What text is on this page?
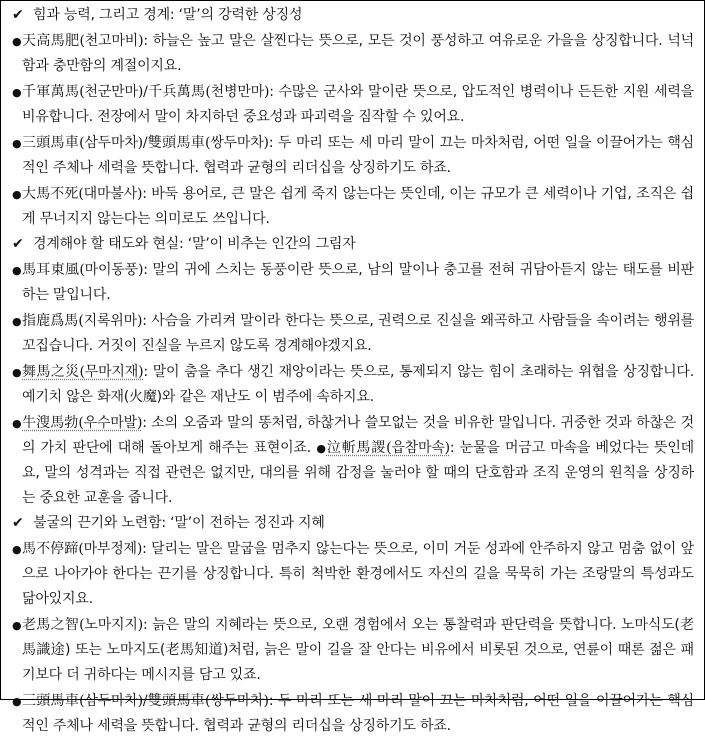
✔ 힘과 능력, 그리고 경계: ‘말’의 강력한 상징성
● 天高馬肥(천고마비): 하늘은 높고 말은 살찐다는 뜻으로, 모든 것이 풍성하고 여유로운 가을을 상징합니다. 넉넉함과 충만함의 계절이지요.
● 千軍萬馬(천군만마)/千兵萬馬(천병만마): 수많은 군사와 말이란 뜻으로, 압도적인 병력이나 든든한 지원 세력을 비유합니다. 전장에서 말이 차지하던 중요성과 파괴력을 짐작할 수 있어요.
● 三頭馬車(삼두마차)/雙頭馬車(쌍두마차): 두 마리 또는 세 마리 말이 끄는 마차처럼, 어떤 일을 이끌어가는 핵심적인 주체나 세력을 뜻합니다. 협력과 균형의 리더십을 상징하기도 하죠.
● 大馬不死(대마불사): 바둑 용어로, 큰 말은 쉽게 죽지 않는다는 뜻인데, 이는 규모가 큰 세력이나 기업, 조직은 쉽게 무너지지 않는다는 의미로도 쓰입니다.
✔ 경계해야 할 태도와 현실: ‘말’이 비추는 인간의 그림자
● 馬耳東風(마이동풍): 말의 귀에 스치는 동풍이란 뜻으로, 남의 말이나 충고를 전혀 귀담아듣지 않는 태도를 비판하는 말입니다.
● 指鹿爲馬(지록위마): 사슴을 가리켜 말이라 한다는 뜻으로, 권력으로 진실을 왜곡하고 사람들을 속이려는 행위를 꼬집습니다. 거짓이 진실을 누르지 않도록 경계해야겠지요.
● 舞馬之災(무마지재): 말이 춤을 추다 생긴 재앙이라는 뜻으로, 통제되지 않는 힘이 초래하는 위협을 상징합니다. 예기치 않은 화재(火魔)와 같은 재난도 이 범주에 속하지요.
● 牛溲馬勃(우수마발): 소의 오줌과 말의 똥처럼, 하찮거나 쓸모없는 것을 비유한 말입니다. 귀중한 것과 하찮은 것의 가치 판단에 대해 돌아보게 해주는 표현이죠. ●泣斬馬謖(읍참마속): 눈물을 머금고 마속을 베었다는 뜻인데요, 말의 성격과는 직접 관련은 없지만, 대의를 위해 감정을 눌러야 할 때의 단호함과 조직 운영의 원칙을 상징하는 중요한 교훈을 줍니다.
✔ 불굴의 끈기와 노련함: ‘말’이 전하는 정진과 지혜
● 馬不停蹄(마부정제): 달리는 말은 말굽을 멈추지 않는다는 뜻으로, 이미 거둔 성과에 안주하지 않고 멈춤 없이 앞으로 나아가야 한다는 끈기를 상징합니다. 특히 척박한 환경에서도 자신의 길을 묵묵히 가는 조랑말의 특성과도 닮아있지요.
● 老馬之智(노마지지): 늙은 말의 지혜라는 뜻으로, 오랜 경험에서 오는 통찰력과 판단력을 뜻합니다. 노마식도(老馬識途) 또는 노마지도(老馬知道)처럼, 늙은 말이 길을 잘 안다는 비유에서 비롯된 것으로, 연륜이 때론 젊은 패기보다 더 귀하다는 메시지를 담고 있죠.
● 三頭馬車(삼두마차)/雙頭馬車(쌍두마차): 두 마리 또는 세 마리 말이 끄는 마차처럼, 어떤 일을 이끌어가는 핵심적인 주체나 세력을 뜻합니다. 협력과 균형의 리더십을 상징하기도 하죠.
